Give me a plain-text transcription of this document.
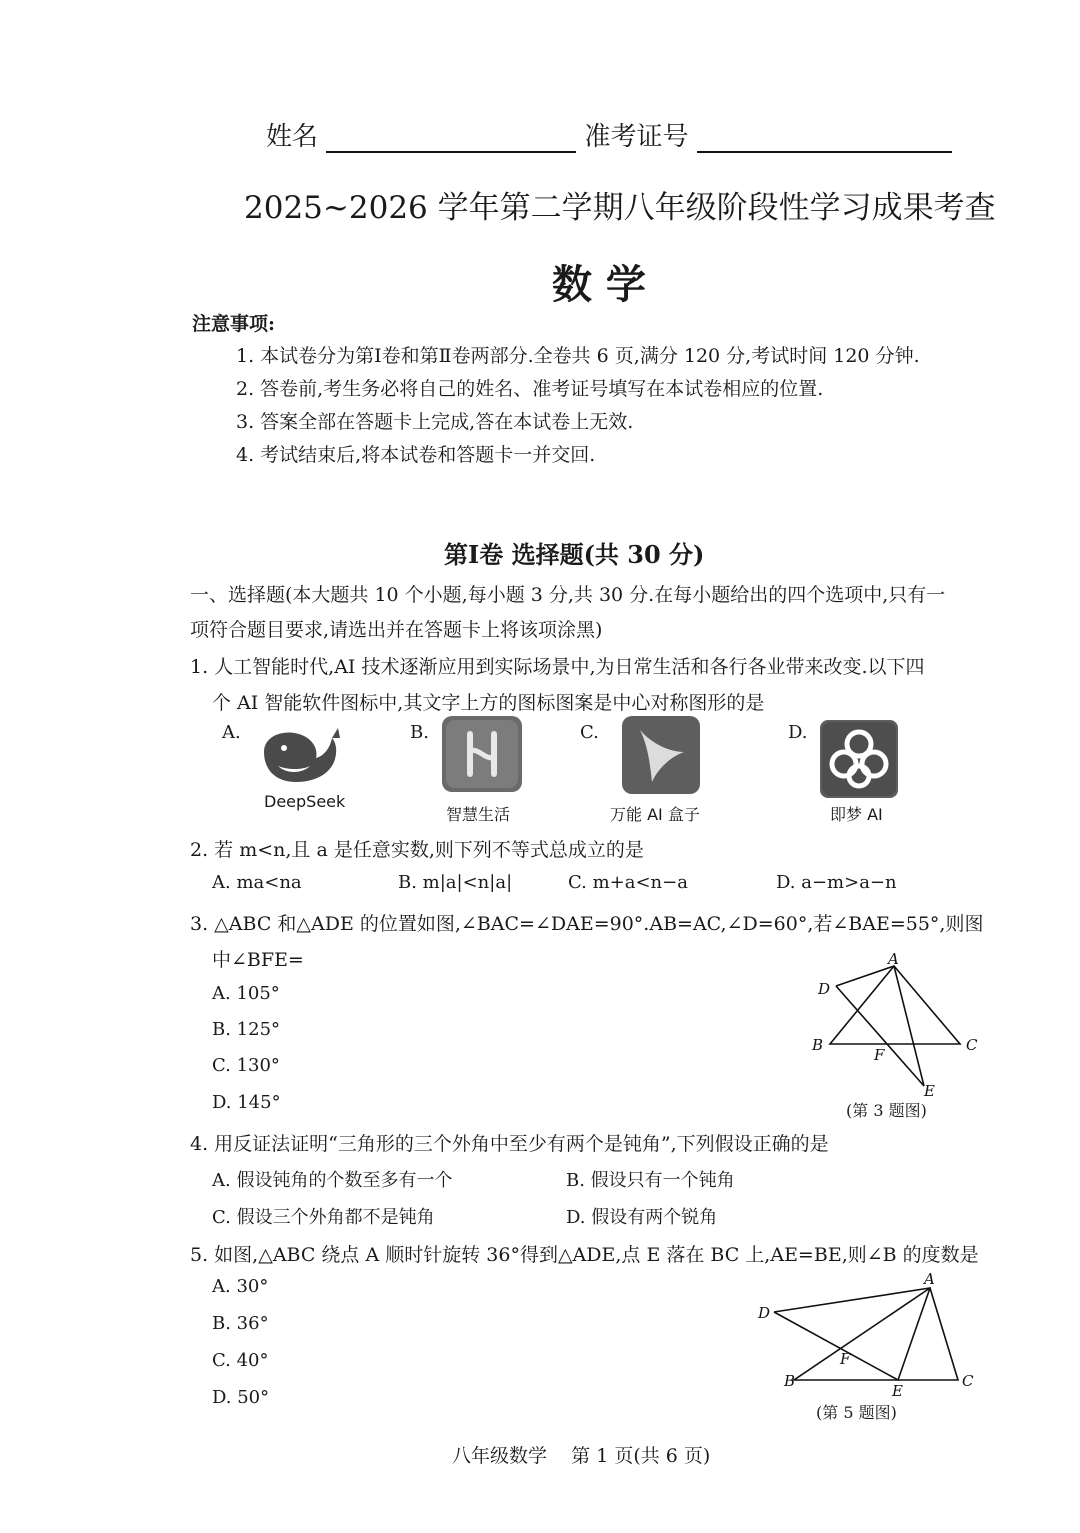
姓名	准考证号
2025~2026 学年第二学期八年级阶段性学习成果考查
数 学
注意事项:
1. 本试卷分为第Ⅰ卷和第Ⅱ卷两部分.全卷共 6 页,满分 120 分,考试时间 120 分钟.
2. 答卷前,考生务必将自己的姓名、准考证号填写在本试卷相应的位置.
3. 答案全部在答题卡上完成,答在本试卷上无效.
4. 考试结束后,将本试卷和答题卡一并交回.
第Ⅰ卷 选择题(共 30 分)
一、选择题(本大题共 10 个小题,每小题 3 分,共 30 分.在每小题给出的四个选项中,只有一
项符合题目要求,请选出并在答题卡上将该项涂黑)
1. 人工智能时代,AI 技术逐渐应用到实际场景中,为日常生活和各行各业带来改变.以下四
个 AI 智能软件图标中,其文字上方的图标图案是中心对称图形的是
A.	B.	C.	D.
DeepSeek
智慧生活	万能 AI 盒子	即梦 AI
2. 若 m<n,且 a 是任意实数,则下列不等式总成立的是
A. ma<na	B. m|a|<n|a|	C. m+a<n−a	D. a−m>a−n
3. △ABC 和△ADE 的位置如图,∠BAC=∠DAE=90°.AB=AC,∠D=60°,若∠BAE=55°,则图
中∠BFE=
A. 105°
B. 125°
C. 130°
D. 145°
A
D
B
F
C
E
(第 3 题图)
4. 用反证法证明“三角形的三个外角中至少有两个是钝角”,下列假设正确的是
A. 假设钝角的个数至多有一个	B. 假设只有一个钝角
C. 假设三个外角都不是钝角	D. 假设有两个锐角
5. 如图,△ABC 绕点 A 顺时针旋转 36°得到△ADE,点 E 落在 BC 上,AE=BE,则∠B 的度数是
A. 30°
B. 36°
C. 40°
D. 50°
A
D
F
B
E
C
(第 5 题图)
八年级数学    第 1 页(共 6 页)
